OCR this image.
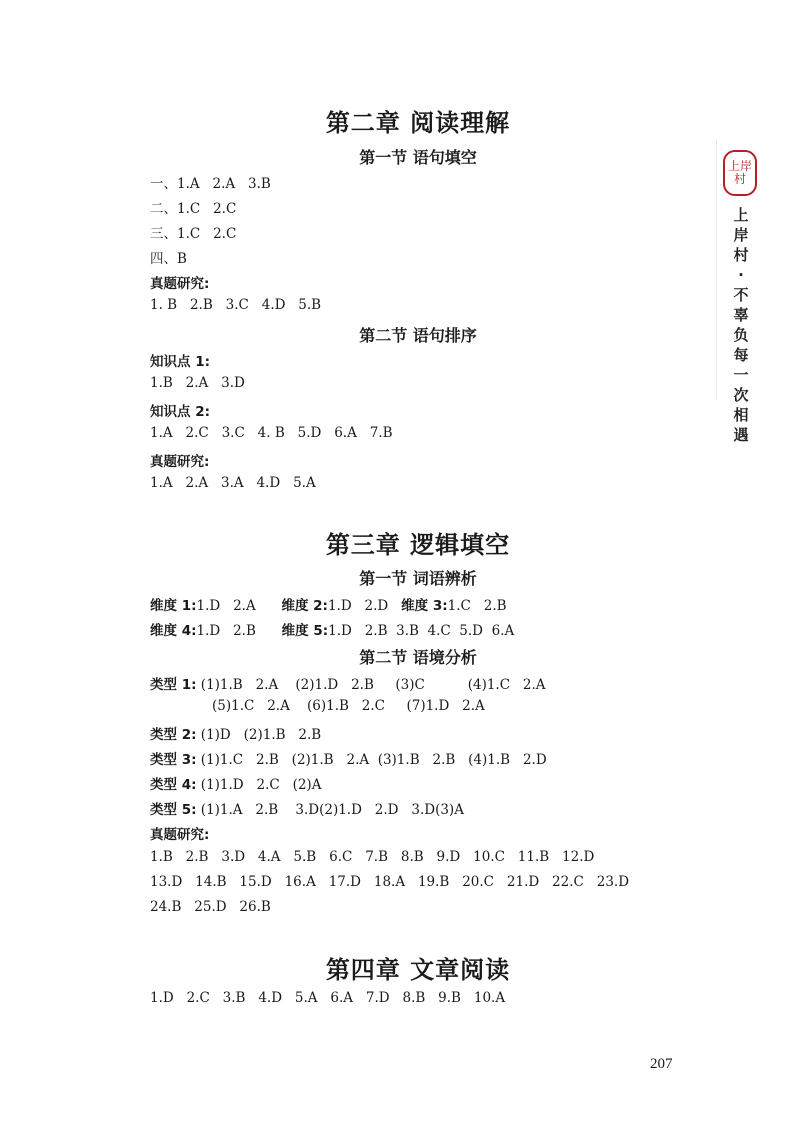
第二章 阅读理解
第一节 语句填空
一、1.A   2.A   3.B
二、1.C   2.C
三、1.C   2.C
四、B
真题研究:
1. B   2.B   3.C   4.D   5.B
第二节 语句排序
知识点 1:
1.B   2.A   3.D
知识点 2:
1.A   2.C   3.C   4. B   5.D   6.A   7.B
真题研究:
1.A   2.A   3.A   4.D   5.A
第三章 逻辑填空
第一节 词语辨析
维度 1:1.D   2.A 维度 2:1.D   2.D 维度 3:1.C   2.B
维度 4:1.D   2.B 维度 5:1.D   2.B  3.B  4.C  5.D  6.A
第二节 语境分析
类型 1: (1)1.B   2.A    (2)1.D   2.B     (3)C          (4)1.C   2.A
(5)1.C   2.A    (6)1.B   2.C     (7)1.D   2.A
类型 2: (1)D   (2)1.B   2.B
类型 3: (1)1.C   2.B   (2)1.B   2.A  (3)1.B   2.B   (4)1.B   2.D
类型 4: (1)1.D   2.C   (2)A
类型 5: (1)1.A   2.B    3.D(2)1.D   2.D   3.D(3)A
真题研究:
1.B   2.B   3.D   4.A   5.B   6.C   7.B   8.B   9.D   10.C   11.B   12.D
13.D   14.B   15.D   16.A   17.D   18.A   19.B   20.C   21.D   22.C   23.D
24.B   25.D   26.B
第四章 文章阅读
1.D   2.C   3.B   4.D   5.A   6.A   7.D   8.B   9.B   10.A
207
上岸
村
上岸村·不辜负每一次相遇
